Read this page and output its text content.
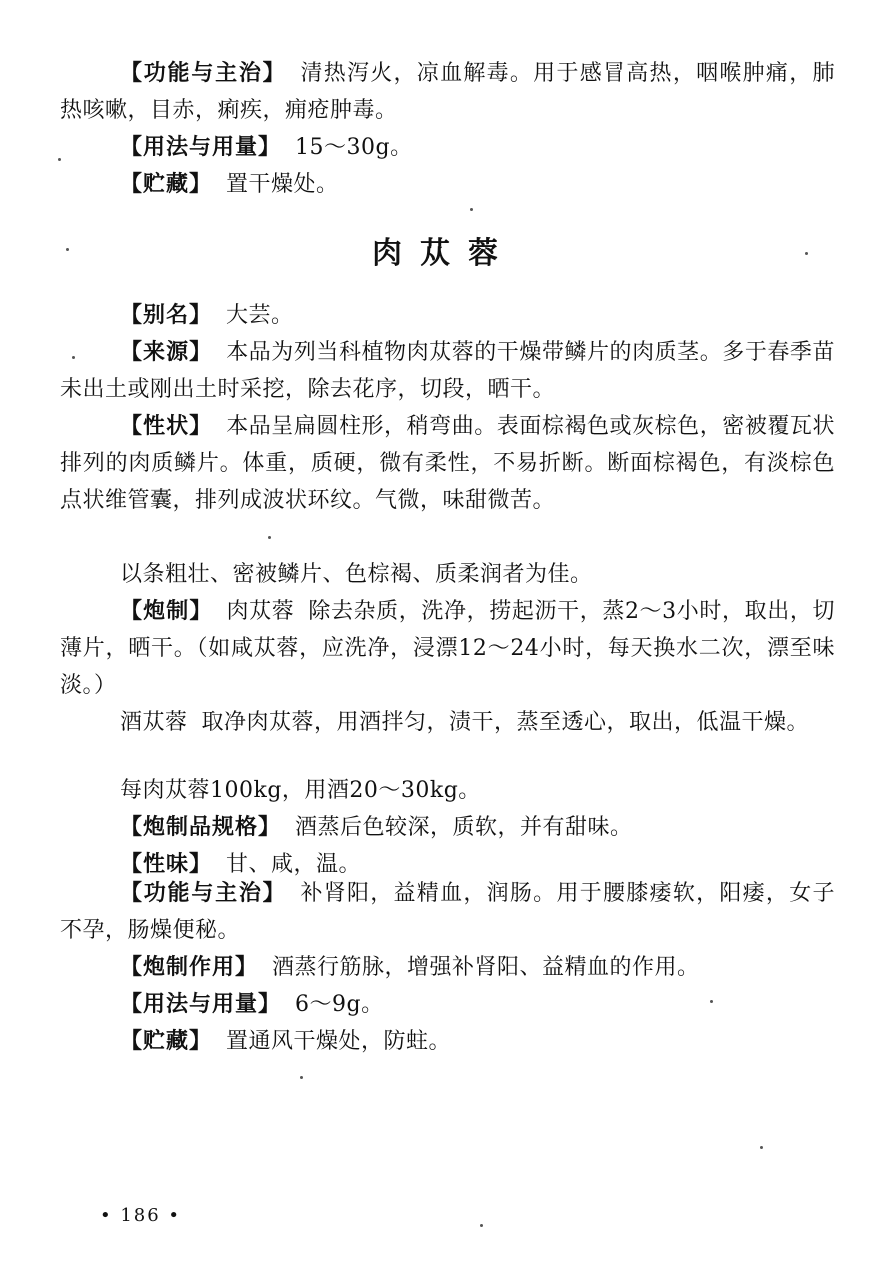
【功能与主治】 清热泻火，凉血解毒。用于感冒高热，咽喉肿痛，肺热咳嗽，目赤，痢疾，痈疮肿毒。

【用法与用量】 15～30g。

【贮藏】 置干燥处。

肉苁蓉

【别名】 大芸。

【来源】 本品为列当科植物肉苁蓉的干燥带鳞片的肉质茎。多于春季苗未出土或刚出土时采挖，除去花序，切段，晒干。

【性状】 本品呈扁圆柱形，稍弯曲。表面棕褐色或灰棕色，密被覆瓦状排列的肉质鳞片。体重，质硬，微有柔性，不易折断。断面棕褐色，有淡棕色点状维管囊，排列成波状环纹。气微，味甜微苦。

以条粗壮、密被鳞片、色棕褐、质柔润者为佳。

【炮制】 肉苁蓉 除去杂质，洗净，捞起沥干，蒸2～3小时，取出，切薄片，晒干。（如咸苁蓉，应洗净，浸漂12～24小时，每天换水二次，漂至味淡。）

酒苁蓉 取净肉苁蓉，用酒拌匀，渍干，蒸至透心，取出，低温干燥。

每肉苁蓉100kg，用酒20～30kg。

【炮制品规格】 酒蒸后色较深，质软，并有甜味。

【性味】 甘、咸，温。

【功能与主治】 补肾阳，益精血，润肠。用于腰膝痿软，阳痿，女子不孕，肠燥便秘。

【炮制作用】 酒蒸行筋脉，增强补肾阳、益精血的作用。

【用法与用量】 6～9g。

【贮藏】 置通风干燥处，防蛀。

• 186 •
